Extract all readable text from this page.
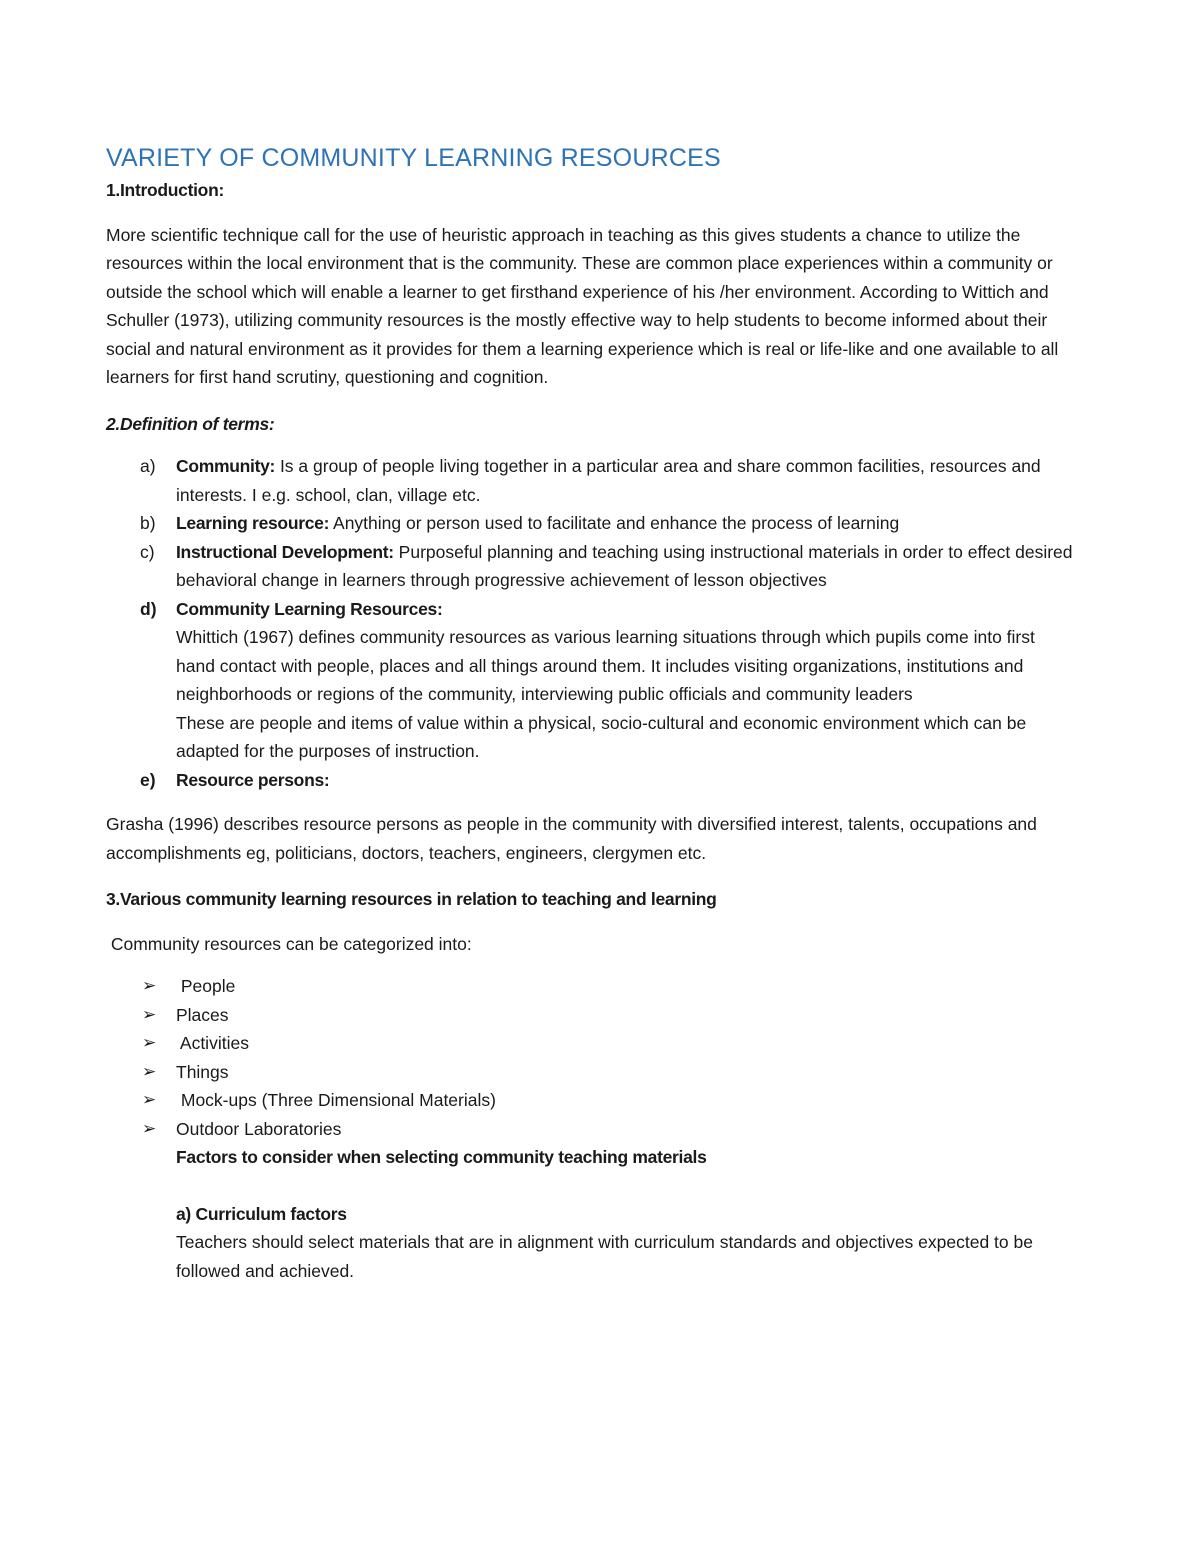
VARIETY OF COMMUNITY LEARNING RESOURCES

1.Introduction:

More scientific technique call for the use of heuristic approach in teaching as this gives students a chance to utilize the resources within the local environment that is the community. These are common place experiences within a community or outside the school which will enable a learner to get firsthand experience of his /her environment. According to Wittich and Schuller (1973), utilizing community resources is the mostly effective way to help students to become informed about their social and natural environment as it provides for them a learning experience which is real or life-like and one available to all learners for first hand scrutiny, questioning and cognition.

2.Definition of terms:

a) Community: Is a group of people living together in a particular area and share common facilities, resources and interests. I e.g. school, clan, village etc.
b) Learning resource: Anything or person used to facilitate and enhance the process of learning
c) Instructional Development: Purposeful planning and teaching using instructional materials in order to effect desired behavioral change in learners through progressive achievement of lesson objectives
d) Community Learning Resources:

Whittich (1967) defines community resources as various learning situations through which pupils come into first hand contact with people, places and all things around them. It includes visiting organizations, institutions and neighborhoods or regions of the community, interviewing public officials and community leaders

These are people and items of value within a physical, socio-cultural and economic environment which can be adapted for the purposes of instruction.

e) Resource persons:

Grasha (1996) describes resource persons as people in the community with diversified interest, talents, occupations and accomplishments eg, politicians, doctors, teachers, engineers, clergymen etc.

3.Various community learning resources in relation to teaching and learning

Community resources can be categorized into:

➢ People
➢ Places
➢ Activities
➢ Things
➢ Mock-ups (Three Dimensional Materials)
➢ Outdoor Laboratories

Factors to consider when selecting community teaching materials

a) Curriculum factors

Teachers should select materials that are in alignment with curriculum standards and objectives expected to be followed and achieved.
